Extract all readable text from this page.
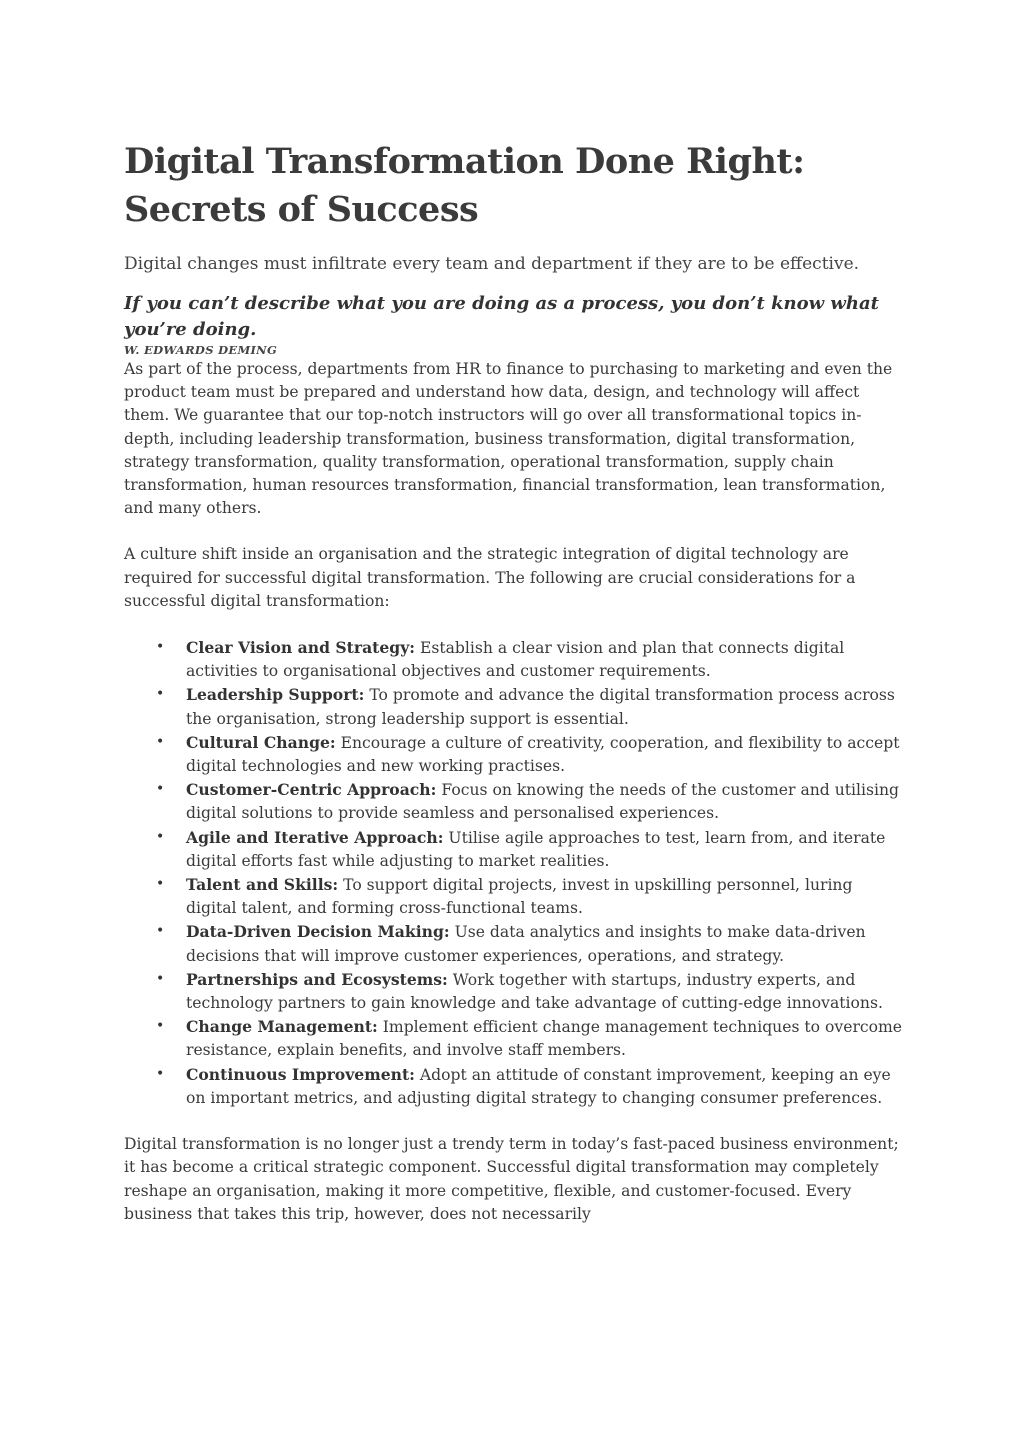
Digital Transformation Done Right:
Secrets of Success

Digital changes must infiltrate every team and department if they are to be effective.

If you can’t describe what you are doing as a process, you don’t know what you’re doing.

W. EDWARDS DEMING

As part of the process, departments from HR to finance to purchasing to marketing and even the product team must be prepared and understand how data, design, and technology will affect them. We guarantee that our top-notch instructors will go over all transformational topics in-depth, including leadership transformation, business transformation, digital transformation, strategy transformation, quality transformation, operational transformation, supply chain transformation, human resources transformation, financial transformation, lean transformation, and many others.

A culture shift inside an organisation and the strategic integration of digital technology are required for successful digital transformation. The following are crucial considerations for a successful digital transformation:

• Clear Vision and Strategy: Establish a clear vision and plan that connects digital activities to organisational objectives and customer requirements.
• Leadership Support: To promote and advance the digital transformation process across the organisation, strong leadership support is essential.
• Cultural Change: Encourage a culture of creativity, cooperation, and flexibility to accept digital technologies and new working practises.
• Customer-Centric Approach: Focus on knowing the needs of the customer and utilising digital solutions to provide seamless and personalised experiences.
• Agile and Iterative Approach: Utilise agile approaches to test, learn from, and iterate digital efforts fast while adjusting to market realities.
• Talent and Skills: To support digital projects, invest in upskilling personnel, luring digital talent, and forming cross-functional teams.
• Data-Driven Decision Making: Use data analytics and insights to make data-driven decisions that will improve customer experiences, operations, and strategy.
• Partnerships and Ecosystems: Work together with startups, industry experts, and technology partners to gain knowledge and take advantage of cutting-edge innovations.
• Change Management: Implement efficient change management techniques to overcome resistance, explain benefits, and involve staff members.
• Continuous Improvement: Adopt an attitude of constant improvement, keeping an eye on important metrics, and adjusting digital strategy to changing consumer preferences.

Digital transformation is no longer just a trendy term in today’s fast-paced business environment; it has become a critical strategic component. Successful digital transformation may completely reshape an organisation, making it more competitive, flexible, and customer-focused. Every business that takes this trip, however, does not necessarily
